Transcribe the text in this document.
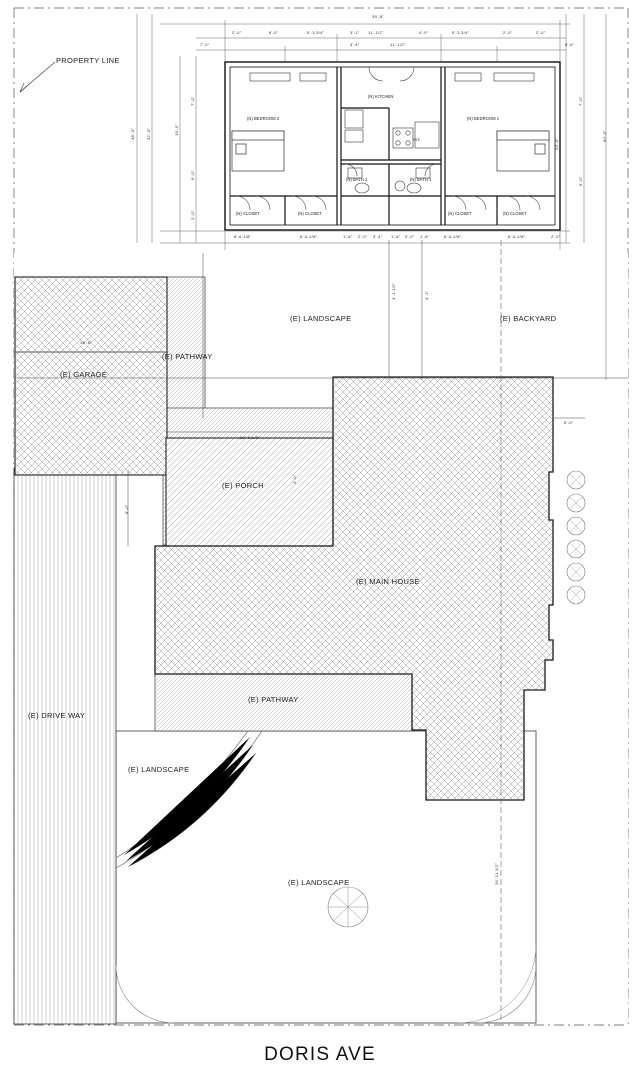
PROPERTY LINE
(E) GARAGE
(E) PATHWAY
(E) LANDSCAPE	(E) BACKYARD
(E) PORCH
(E) MAIN HOUSE
(E) PATHWAY
(E) DRIVE WAY
(E) LANDSCAPE
(E) LANDSCAPE
(N) BEDROOM 2	(N) BEDROOM 1
(N) KITCHEN
(N) BATH 2	(N) BATH 1
REF.
(N) CLOSET	(N) CLOSET	(N) CLOSET	(N) CLOSET
39'-8"
2'-0"	6'-0"	5'-3 3/4"	3'-1" 11'-1/2"	4'-0"	5'-3 3/4"	2'-0"	2'-0"
7'-0"	3'-4"	11'-1/2"	9'-6"
6'-6 1/8"	6'-6 1/8"	1'-6" 2'-0" 3'-4" 1'-6" 2'-0" 1'-6"	6'-6 1/8"	6'-6 1/8"	2'-0"
48'-0"	32'-0"	19'-0"
9'-0"
7'-0"
2'-0"
60'-0"
24'-0"
7'-0"
9'-0"
18'-6"
20'-6 1/2"
5'-0"
4'-0"
8'-0"
4'-1 1/2"	4'-1"
26'-11 1/2"
DORIS AVE
